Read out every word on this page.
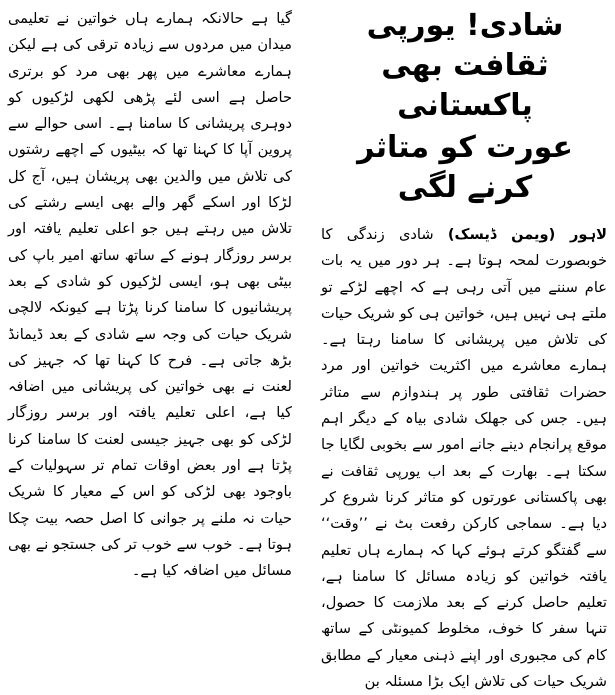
شادی! یورپی ثقافت بھی پاکستانی
عورت کو متاثر کرنے لگی
لاہور (ویمن ڈیسک) شادی زندگی کا خوبصورت لمحہ ہوتا ہے۔ ہر دور میں یہ بات عام سننے میں آتی رہی ہے کہ اچھے لڑکے تو ملتے ہی نہیں ہیں، خواتین ہی کو شریک حیات کی تلاش میں پریشانی کا سامنا رہتا ہے۔ ہمارے معاشرے میں اکثریت خواتین اور مرد حضرات ثقافتی طور پر ہندوازم سے متاثر ہیں۔ جس کی جھلک شادی بیاہ کے دیگر اہم موقع پرانجام دینے جانے امور سے بخوبی لگایا جا سکتا ہے۔ بھارت کے بعد اب یورپی ثقافت نے بھی پاکستانی عورتوں کو متاثر کرنا شروع کر دیا ہے۔ سماجی کارکن رفعت بٹ نے ’’وقت‘‘ سے گفتگو کرتے ہوئے کہا کہ ہمارے ہاں تعلیم یافتہ خواتین کو زیادہ مسائل کا سامنا ہے، تعلیم حاصل کرنے کے بعد ملازمت کا حصول، تنہا سفر کا خوف، مخلوط کمیونٹی کے ساتھ کام کی مجبوری اور اپنے ذہنی معیار کے مطابق شریک حیات کی تلاش ایک بڑا مسئلہ بن
گیا ہے حالانکہ ہمارے ہاں خواتین نے تعلیمی میدان میں مردوں سے زیادہ ترقی کی ہے لیکن ہمارے معاشرے میں پھر بھی مرد کو برتری حاصل ہے اسی لئے پڑھی لکھی لڑکیوں کو دوہری پریشانی کا سامنا ہے۔ اسی حوالے سے پروین آپا کا کہنا تھا کہ بیٹیوں کے اچھے رشتوں کی تلاش میں والدین بھی پریشان ہیں، آج کل لڑکا اور اسکے گھر والے بھی ایسے رشتے کی تلاش میں رہتے ہیں جو اعلی تعلیم یافتہ اور برسر روزگار ہونے کے ساتھ ساتھ امیر باپ کی بیٹی بھی ہو، ایسی لڑکیوں کو شادی کے بعد پریشانیوں کا سامنا کرنا پڑتا ہے کیونکہ لالچی شریک حیات کی وجہ سے شادی کے بعد ڈیمانڈ بڑھ جاتی ہے۔ فرح کا کہنا تھا کہ جہیز کی لعنت نے بھی خواتین کی پریشانی میں اضافہ کیا ہے، اعلی تعلیم یافتہ اور برسر روزگار لڑکی کو بھی جہیز جیسی لعنت کا سامنا کرنا پڑتا ہے اور بعض اوقات تمام تر سہولیات کے باوجود بھی لڑکی کو اس کے معیار کا شریک حیات نہ ملنے پر جوانی کا اصل حصہ بیت چکا ہوتا ہے۔ خوب سے خوب تر کی جستجو نے بھی مسائل میں اضافہ کیا ہے۔
